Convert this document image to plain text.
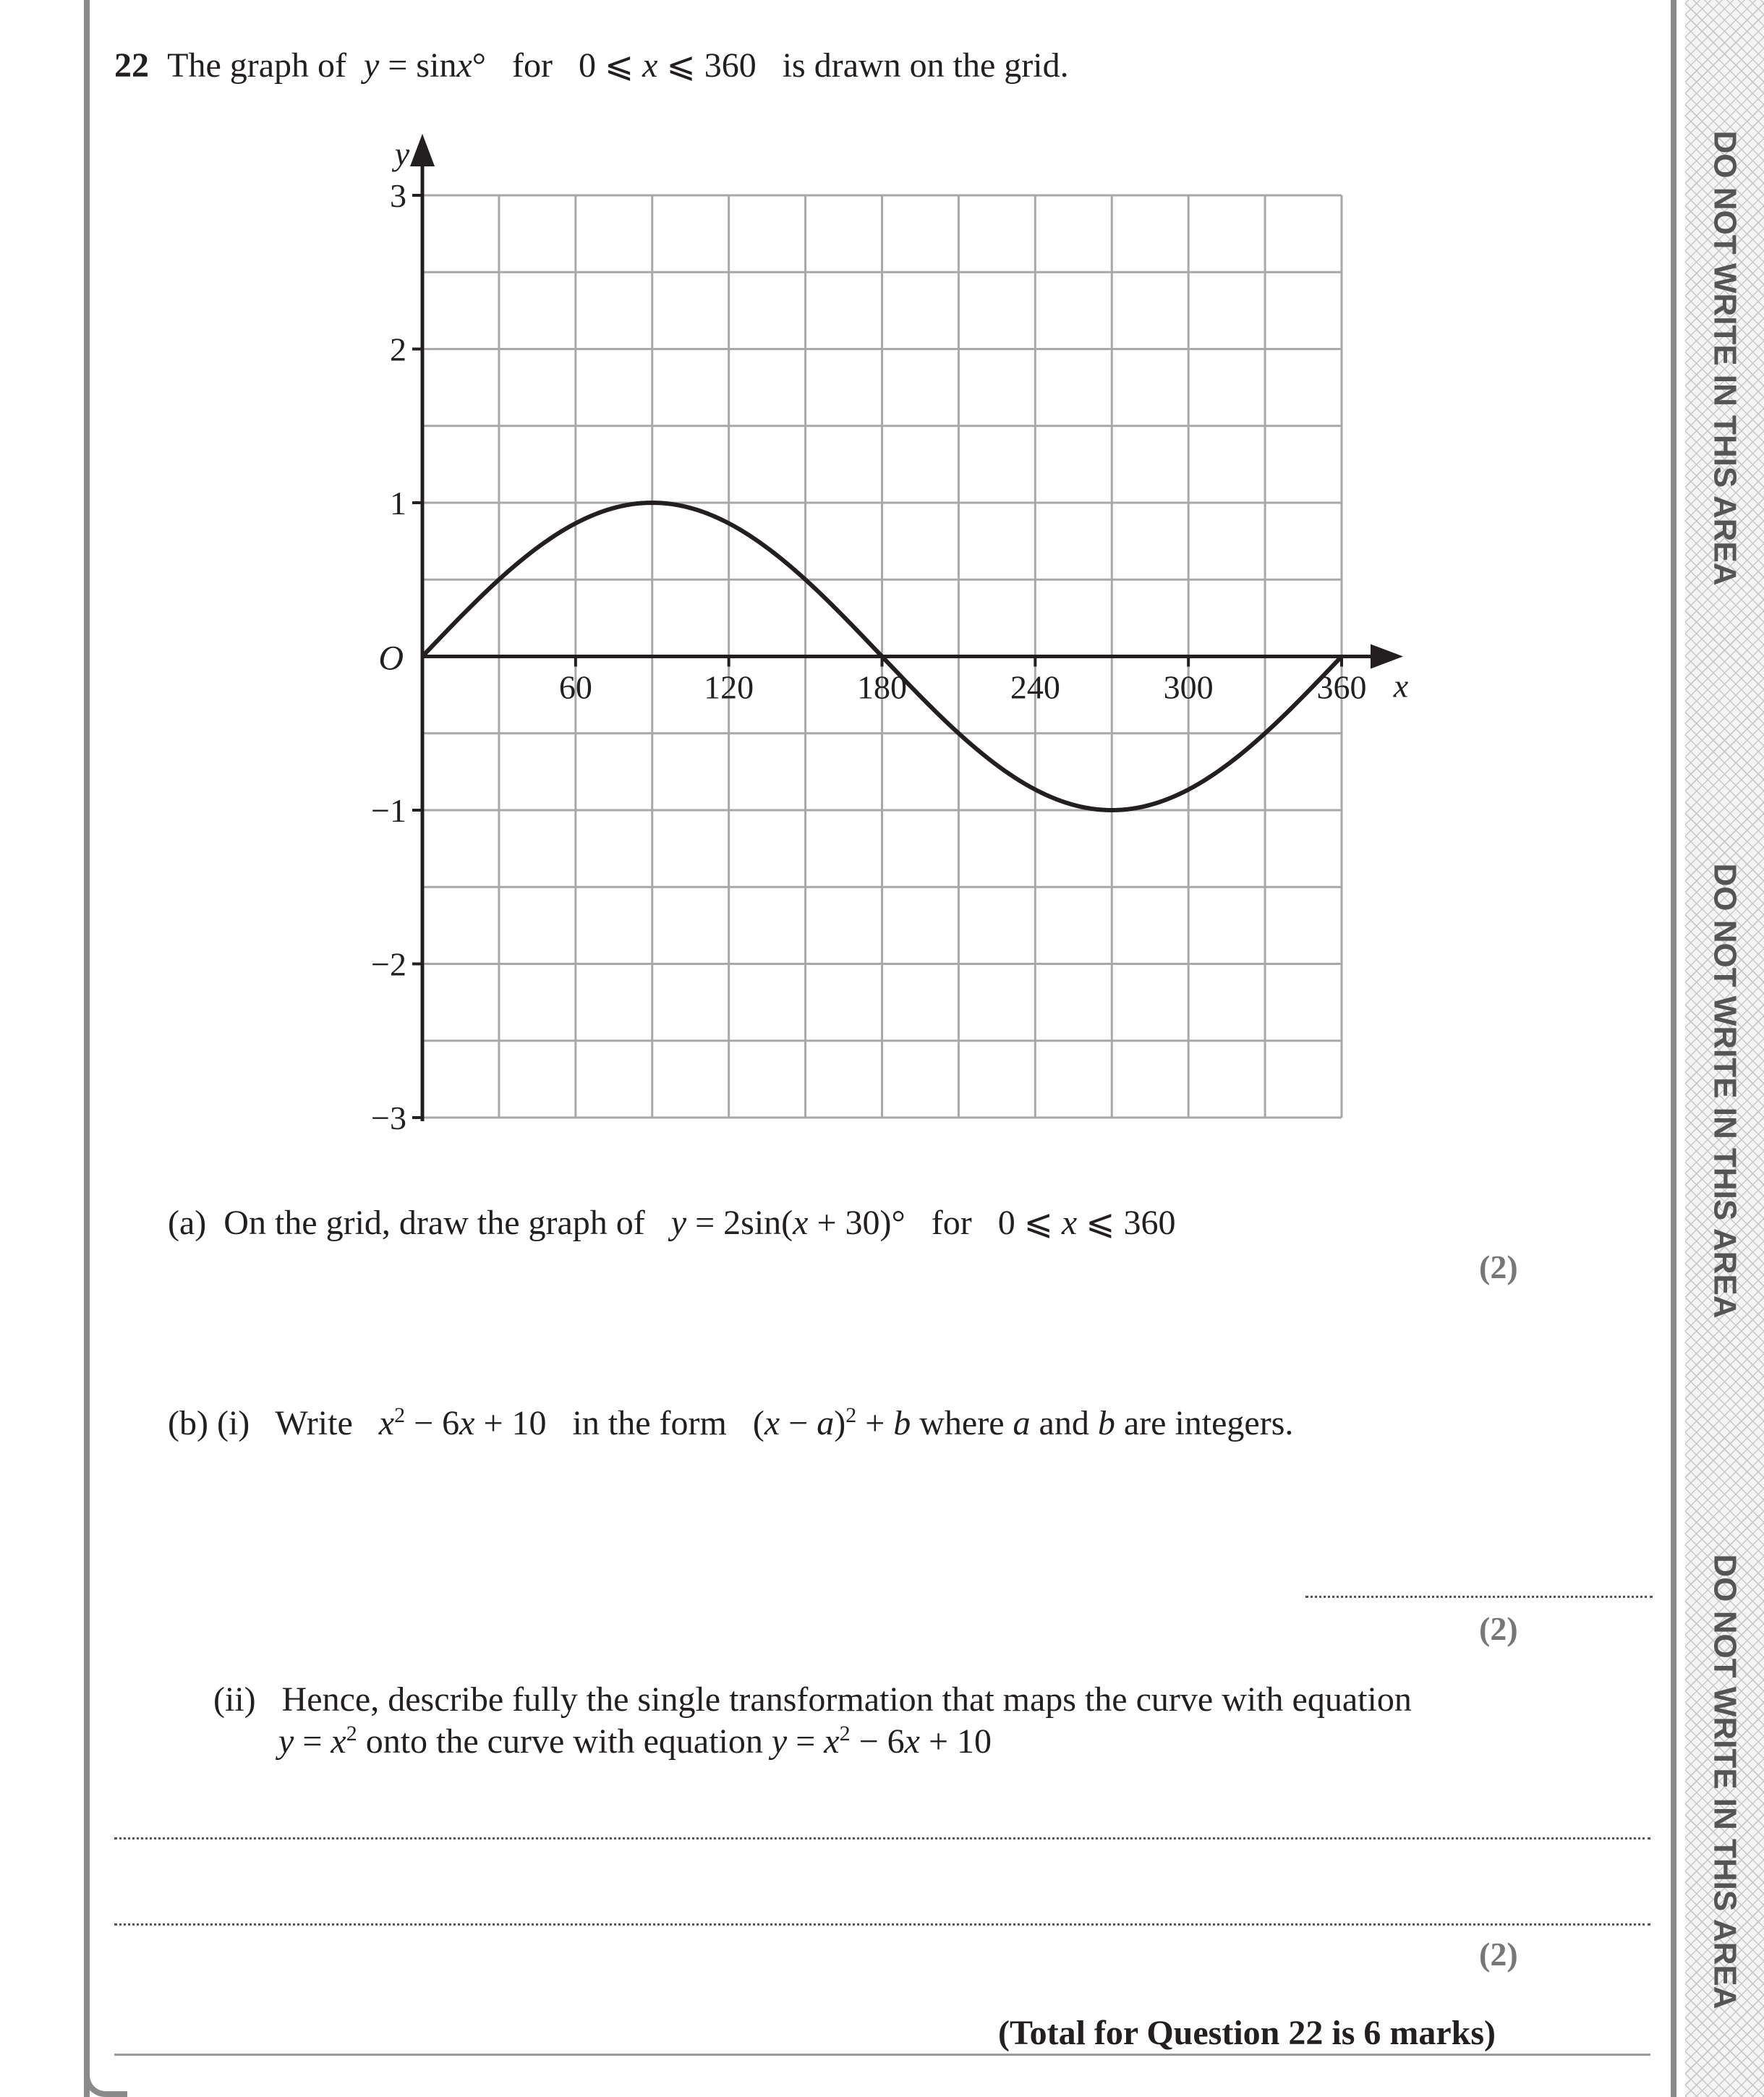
DO NOT WRITE IN THIS AREA
DO NOT WRITE IN THIS AREA
DO NOT WRITE IN THIS AREA
22 The graph of y = sinx° for 0 ⩽ x ⩽ 360 is drawn on the grid.
60	120	180	240	300	360
3
2
1
−1
−2
−3
O
x
y
(a) On the grid, draw the graph of y = 2sin(x + 30)° for 0 ⩽ x ⩽ 360
(2)
(b) (i) Write $x^2 - 6x + 10$ in the form $(x - a)^2 + b$ where a and b are integers.
(2)
(ii) Hence, describe fully the single transformation that maps the curve with equation
$y = x^2$ onto the curve with equation $y = x^2 - 6x + 10$
(2)
(Total for Question 22 is 6 marks)
